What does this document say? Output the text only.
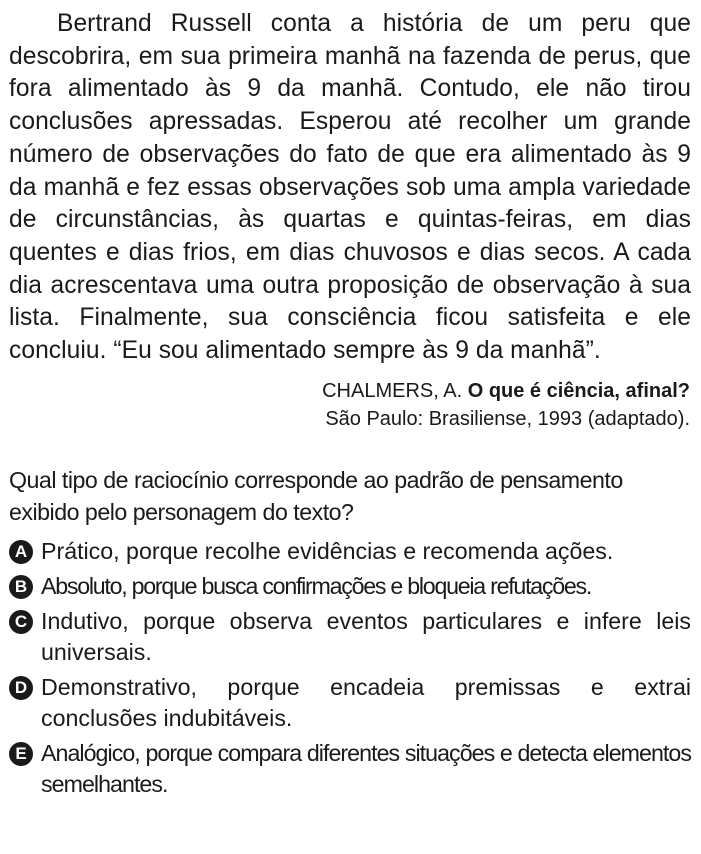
Bertrand Russell conta a história de um peru que descobrira, em sua primeira manhã na fazenda de perus, que fora alimentado às 9 da manhã. Contudo, ele não tirou conclusões apressadas. Esperou até recolher um grande número de observações do fato de que era alimentado às 9 da manhã e fez essas observações sob uma ampla variedade de circunstâncias, às quartas e quintas-feiras, em dias quentes e dias frios, em dias chuvosos e dias secos. A cada dia acrescentava uma outra proposição de observação à sua lista. Finalmente, sua consciência ficou satisfeita e ele concluiu. “Eu sou alimentado sempre às 9 da manhã”.

CHALMERS, A. O que é ciência, afinal?
São Paulo: Brasiliense, 1993 (adaptado).
Qual tipo de raciocínio corresponde ao padrão de pensamento exibido pelo personagem do texto?
A Prático, porque recolhe evidências e recomenda ações.
B Absoluto, porque busca confirmações e bloqueia refutações.
C Indutivo, porque observa eventos particulares e infere leis universais.
D Demonstrativo, porque encadeia premissas e extrai conclusões indubitáveis.
E Analógico, porque compara diferentes situações e detecta elementos semelhantes.
